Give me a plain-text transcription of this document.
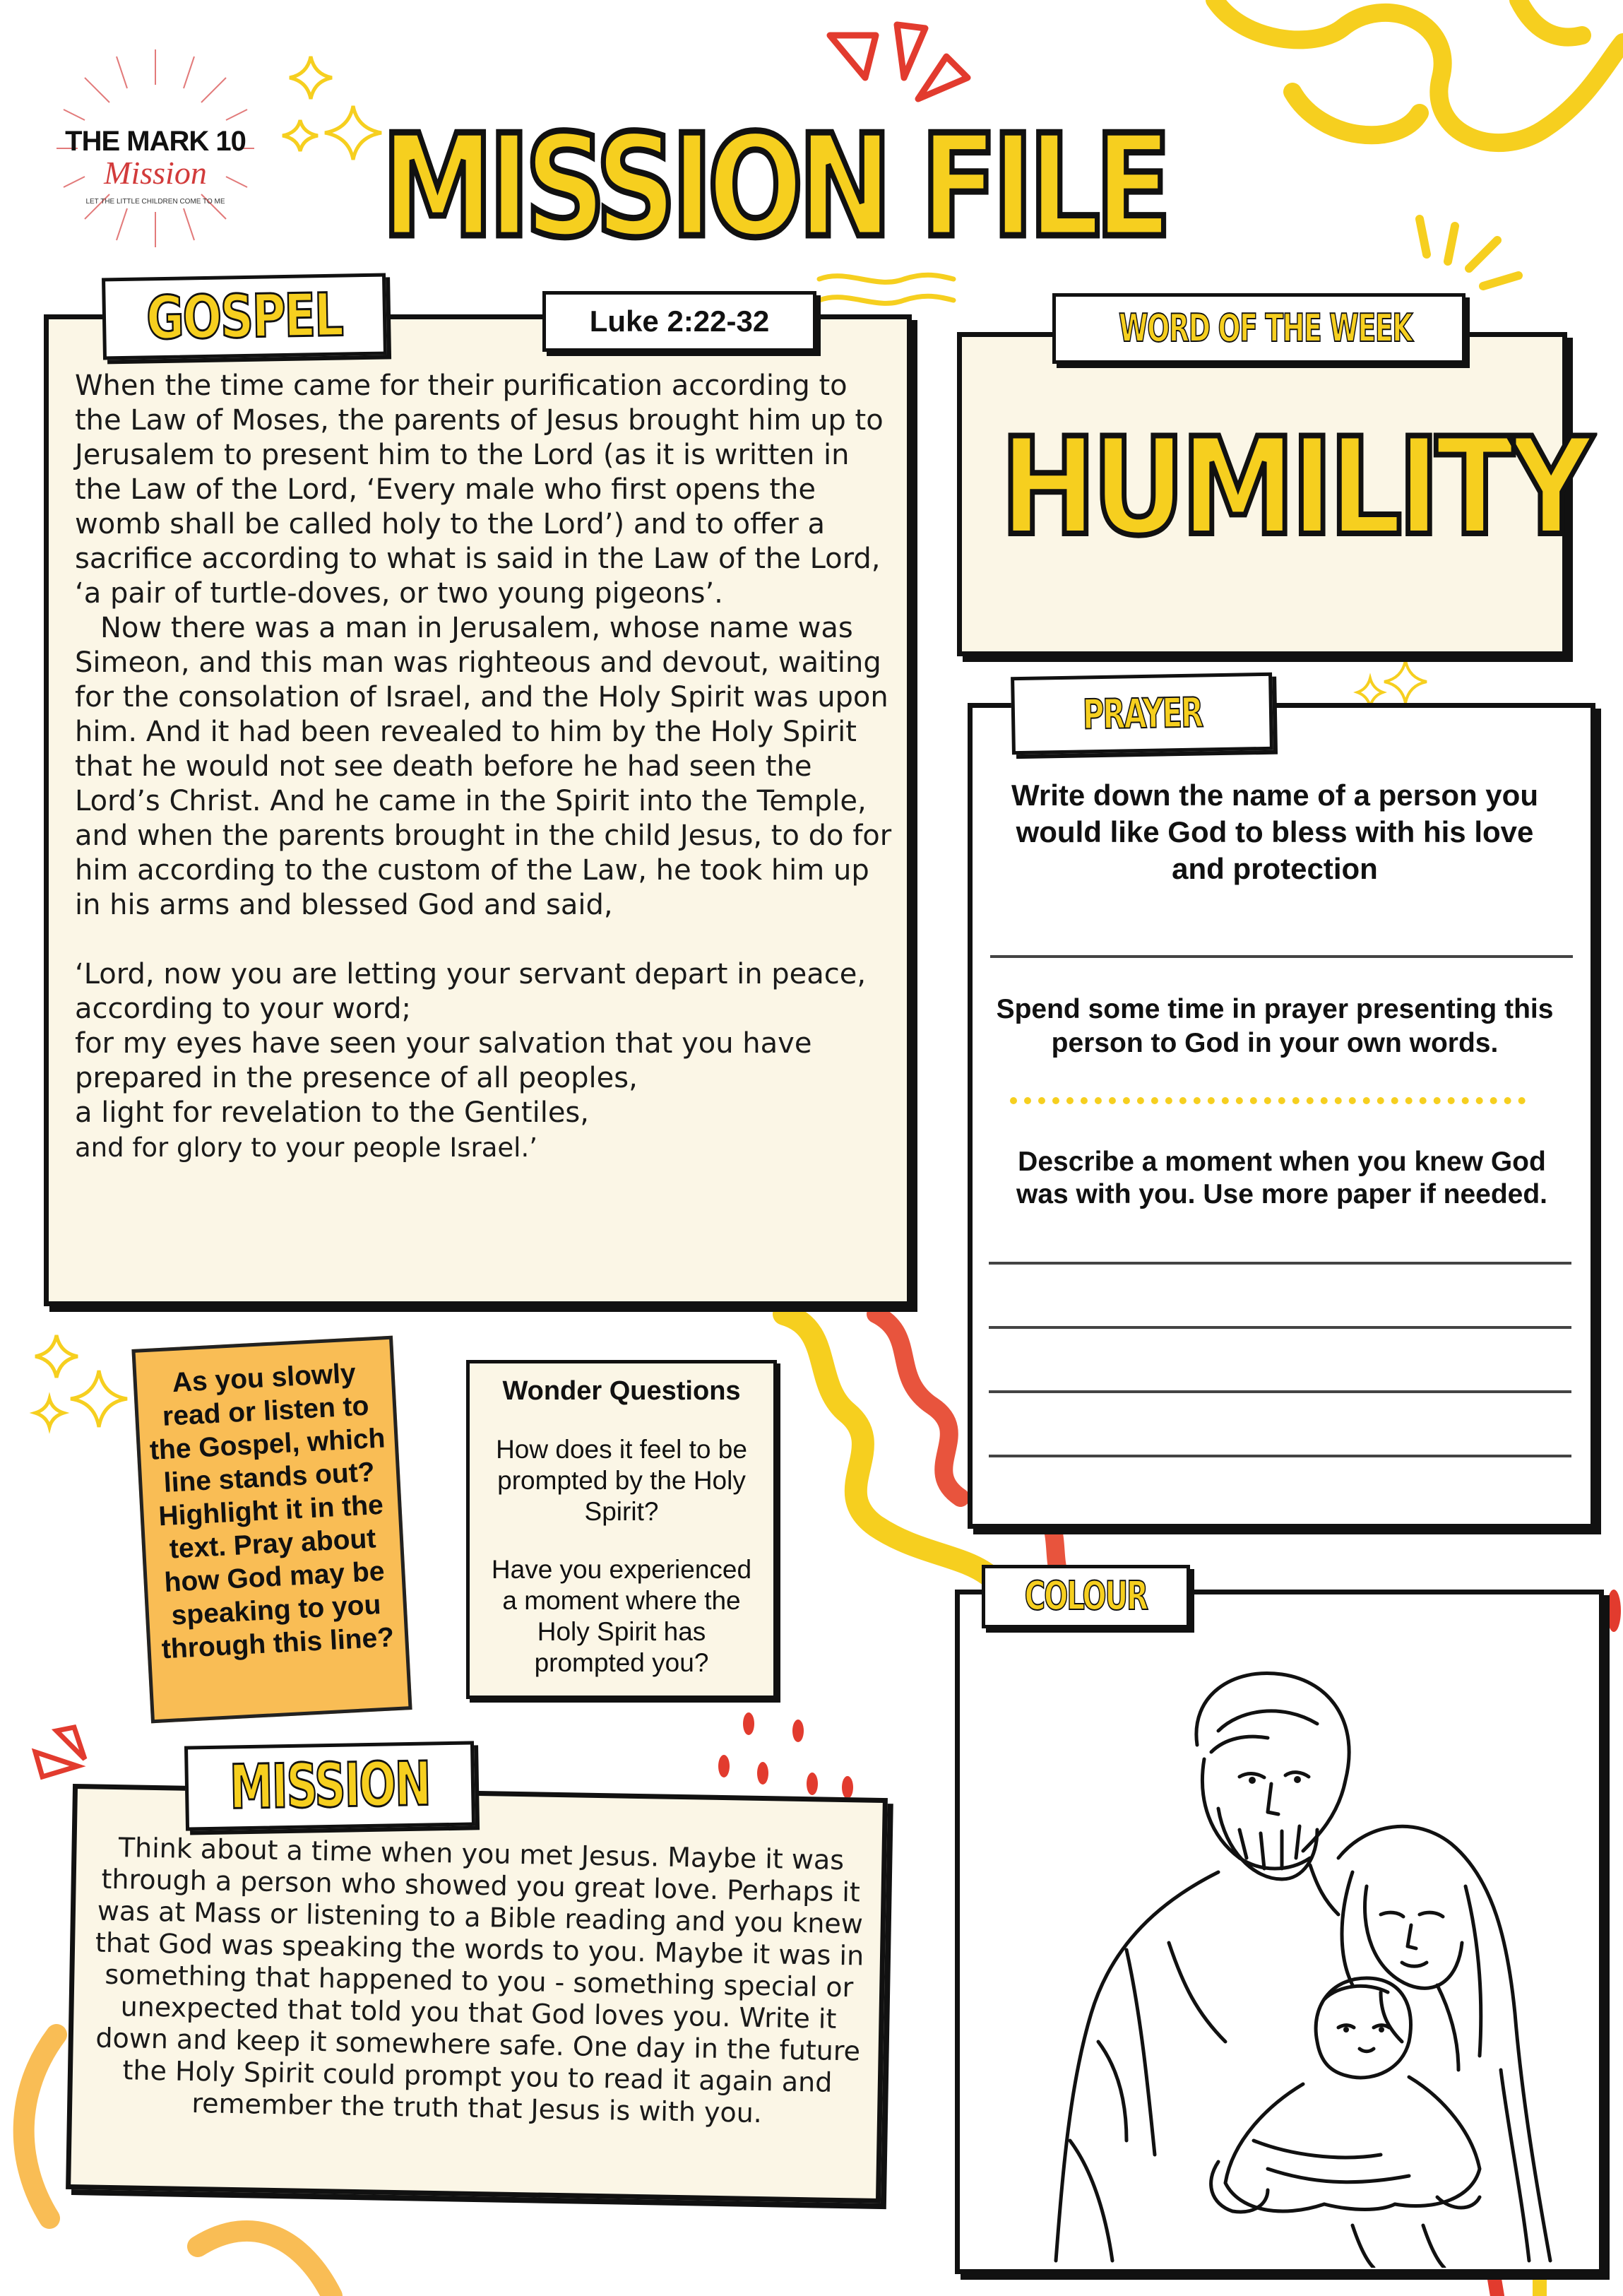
THE MARK 10
Mission
LET THE LITTLE CHILDREN COME TO ME MISSION FILE
GOSPEL	Luke 2:22-32

When the time came for their purification according to the Law of Moses, the parents of Jesus brought him up to Jerusalem to present him to the Lord (as it is written in the Law of the Lord, ‘Every male who first opens the womb shall be called holy to the Lord’) and to offer a sacrifice according to what is said in the Law of the Lord, ‘a pair of turtle-doves, or two young pigeons’.

Now there was a man in Jerusalem, whose name was Simeon, and this man was righteous and devout, waiting for the consolation of Israel, and the Holy Spirit was upon him. And it had been revealed to him by the Holy Spirit that he would not see death before he had seen the Lord’s Christ. And he came in the Spirit into the Temple, and when the parents brought in the child Jesus, to do for him according to the custom of the Law, he took him up in his arms and blessed God and said,

‘Lord, now you are letting your servant depart in peace,

according to your word;

for my eyes have seen your salvation that you have prepared in the presence of all peoples,

a light for revelation to the Gentiles,

and for glory to your people Israel.’

WORD OF THE WEEK
HUMILITY
PRAYER
Write down the name of a person you would like God to bless with his love and protection
Spend some time in prayer presenting this person to God in your own words.
Describe a moment when you knew God was with you. Use more paper if needed.
As you slowly read or listen to the Gospel, which line stands out? Highlight it in the text. Pray about how God may be speaking to you through this line?
Wonder Questions
How does it feel to be prompted by the Holy Spirit?
Have you experienced a moment where the Holy Spirit has prompted you?
Think about a time when you met Jesus. Maybe it was through a person who showed you great love. Perhaps it was at Mass or listening to a Bible reading and you knew that God was speaking the words to you. Maybe it was in something that happened to you - something special or unexpected that told you that God loves you. Write it down and keep it somewhere safe. One day in the future the Holy Spirit could prompt you to read it again and remember the truth that Jesus is with you.
MISSION
COLOUR
